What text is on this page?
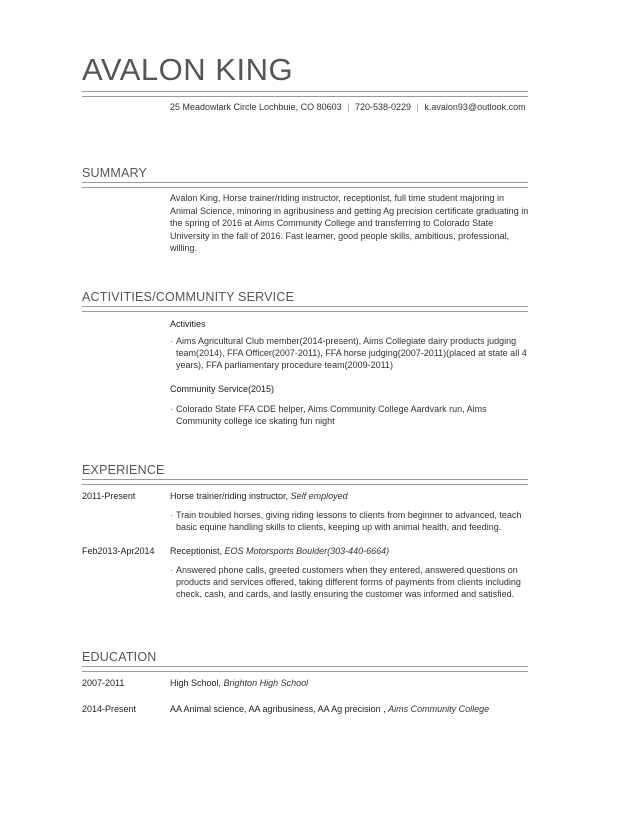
AVALON KING
25 Meadowlark Circle Lochbuie, CO 80603 | 720-538-0229 | k.avalon93@outlook.com
SUMMARY
Avalon King, Horse trainer/riding instructor, receptionist, full time student majoring in Animal Science, minoring in agribusiness and getting Ag precision certificate graduating in the spring of 2016 at Aims Community College and transferring to Colorado State University in the fall of 2016. Fast learner, good people skills, ambitious, professional, willing.
ACTIVITIES/COMMUNITY SERVICE
Activities
· Aims Agricultural Club member(2014-present), Aims Collegiate dairy products judging team(2014), FFA Officer(2007-2011), FFA horse judging(2007-2011)(placed at state all 4 years), FFA parliamentary procedure team(2009-2011)
Community Service(2015)
· Colorado State FFA CDE helper, Aims Community College Aardvark run, Aims Community college ice skating fun night
EXPERIENCE
2011-Present	Horse trainer/riding instructor, Self employed
· Train troubled horses, giving riding lessons to clients from beginner to advanced, teach basic equine handling skills to clients, keeping up with animal health, and feeding.
Feb2013-Apr2014 Receptionist, EOS Motorsports Boulder(303-440-6664)
· Answered phone calls, greeted customers when they entered, answered questions on products and services offered, taking different forms of payments from clients including check, cash, and cards, and lastly ensuring the customer was informed and satisfied.
EDUCATION
2007-2011	High School, Brighton High School
2014-Present	AA Animal science, AA agribusiness, AA Ag precision , Aims Community College
